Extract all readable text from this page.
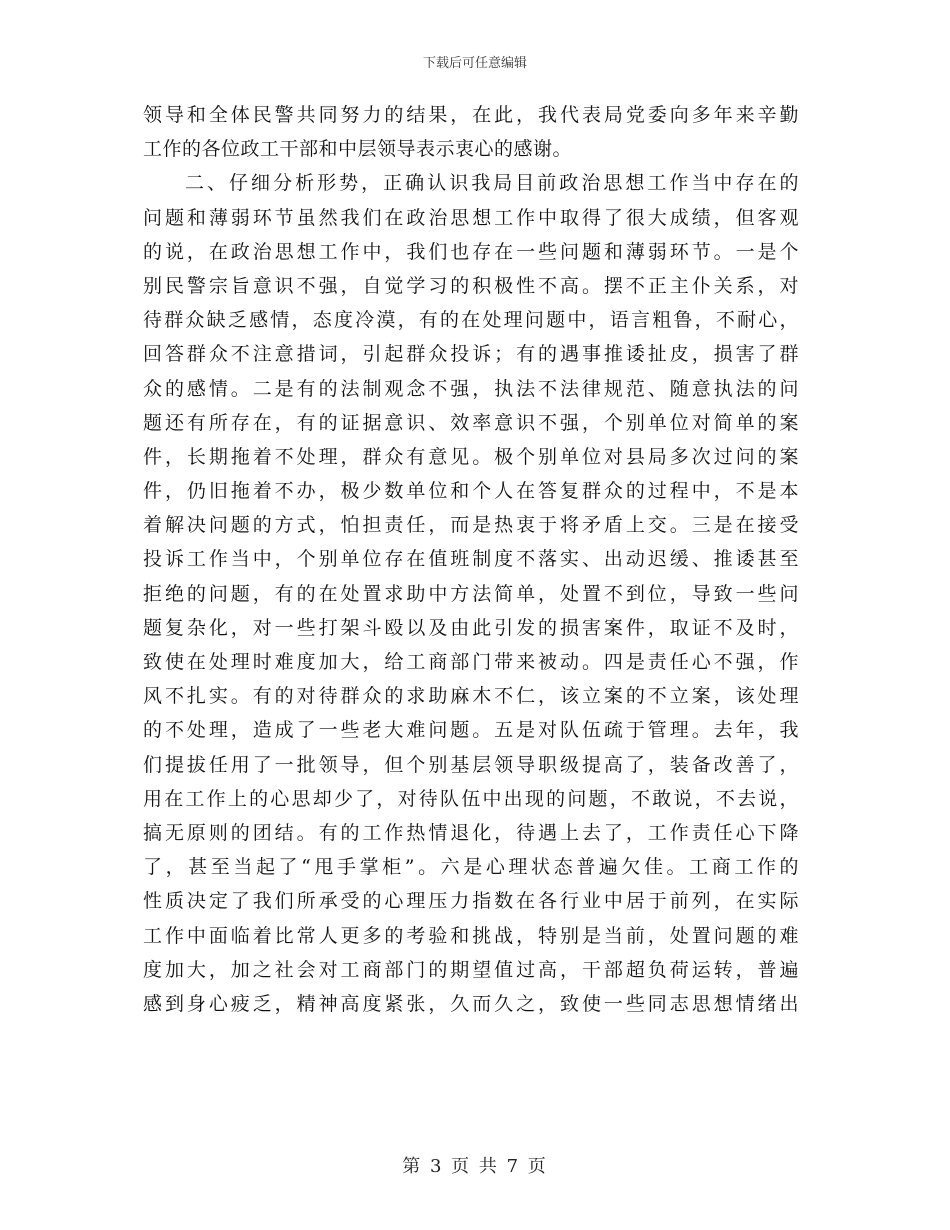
下载后可任意编辑
领导和全体民警共同努力的结果，在此，我代表局党委向多年来辛勤
工作的各位政工干部和中层领导表示衷心的感谢。
二、仔细分析形势，正确认识我局目前政治思想工作当中存在的
问题和薄弱环节虽然我们在政治思想工作中取得了很大成绩，但客观
的说，在政治思想工作中，我们也存在一些问题和薄弱环节。一是个
别民警宗旨意识不强，自觉学习的积极性不高。摆不正主仆关系，对
待群众缺乏感情，态度冷漠，有的在处理问题中，语言粗鲁，不耐心，
回答群众不注意措词，引起群众投诉；有的遇事推诿扯皮，损害了群
众的感情。二是有的法制观念不强，执法不法律规范、随意执法的问
题还有所存在，有的证据意识、效率意识不强，个别单位对简单的案
件，长期拖着不处理，群众有意见。极个别单位对县局多次过问的案
件，仍旧拖着不办，极少数单位和个人在答复群众的过程中，不是本
着解决问题的方式，怕担责任，而是热衷于将矛盾上交。三是在接受
投诉工作当中，个别单位存在值班制度不落实、出动迟缓、推诿甚至
拒绝的问题，有的在处置求助中方法简单，处置不到位，导致一些问
题复杂化，对一些打架斗殴以及由此引发的损害案件，取证不及时，
致使在处理时难度加大，给工商部门带来被动。四是责任心不强，作
风不扎实。有的对待群众的求助麻木不仁，该立案的不立案，该处理
的不处理，造成了一些老大难问题。五是对队伍疏于管理。去年，我
们提拔任用了一批领导，但个别基层领导职级提高了，装备改善了，
用在工作上的心思却少了，对待队伍中出现的问题，不敢说，不去说，
搞无原则的团结。有的工作热情退化，待遇上去了，工作责任心下降
了，甚至当起了“甩手掌柜”。六是心理状态普遍欠佳。工商工作的
性质决定了我们所承受的心理压力指数在各行业中居于前列，在实际
工作中面临着比常人更多的考验和挑战，特别是当前，处置问题的难
度加大，加之社会对工商部门的期望值过高，干部超负荷运转，普遍
感到身心疲乏，精神高度紧张，久而久之，致使一些同志思想情绪出
第 3 页 共 7 页
